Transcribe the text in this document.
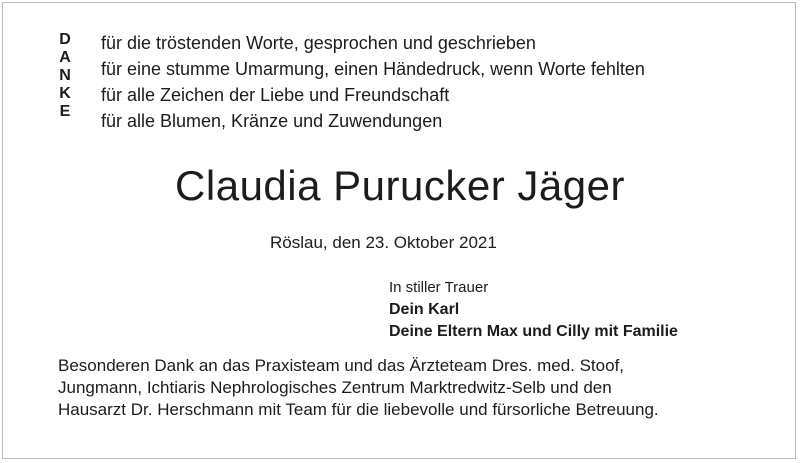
D
A
N
K
E
für die tröstenden Worte, gesprochen und geschrieben
für eine stumme Umarmung, einen Händedruck, wenn Worte fehlten
für alle Zeichen der Liebe und Freundschaft
für alle Blumen, Kränze und Zuwendungen
Claudia Purucker Jäger
Röslau, den 23. Oktober 2021
In stiller Trauer
Dein Karl
Deine Eltern Max und Cilly mit Familie
Besonderen Dank an das Praxisteam und das Ärzteteam Dres. med. Stoof,
Jungmann, Ichtiaris Nephrologisches Zentrum Marktredwitz-Selb und den
Hausarzt Dr. Herschmann mit Team für die liebevolle und fürsorliche Betreuung.
